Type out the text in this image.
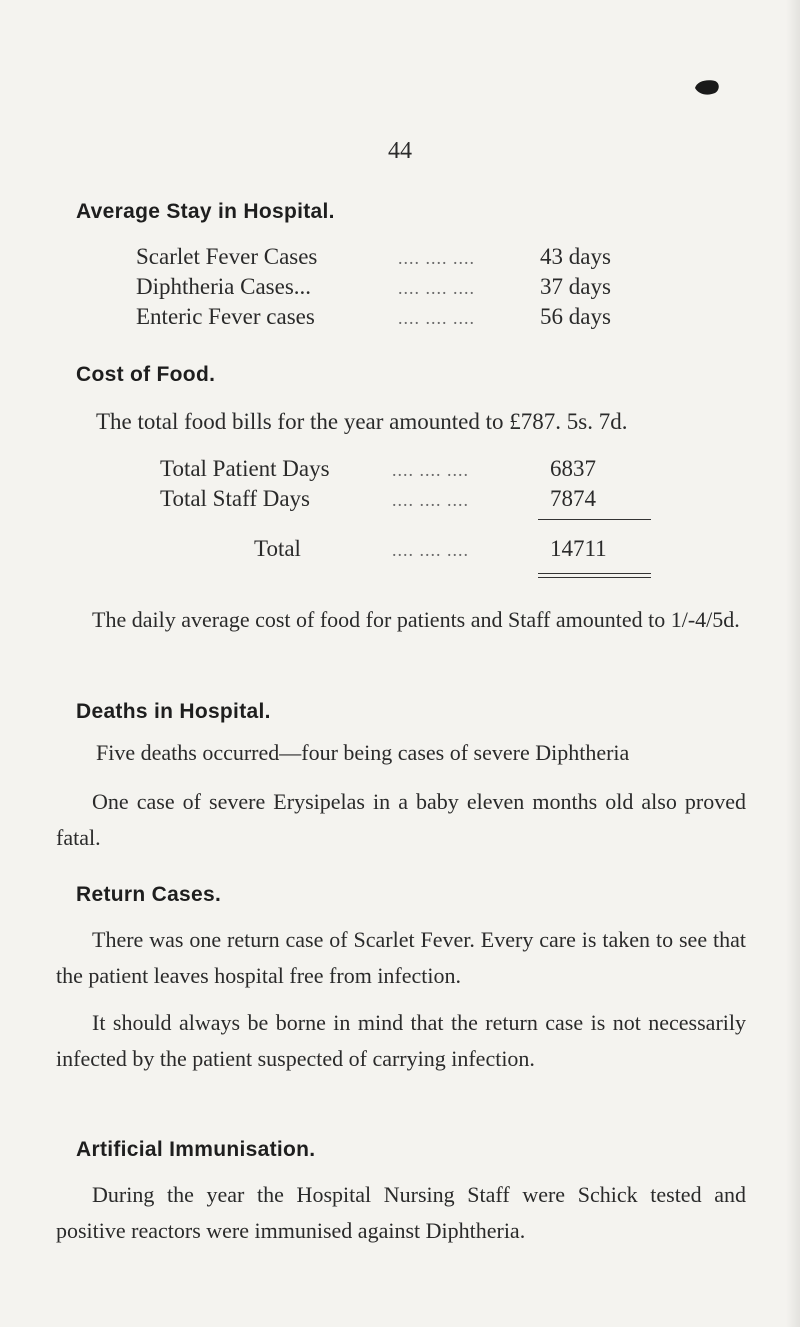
44
Average Stay in Hospital.
Scarlet Fever Cases	.... .... ....	43 days
Diphtheria Cases...	.... .... ....	37 days
Enteric Fever cases	.... .... ....	56 days
Cost of Food.
The total food bills for the year amounted to £787. 5s. 7d.
Total Patient Days	.... .... ....	6837
Total Staff Days	.... .... ....	7874
Total	.... .... ....	14711
The daily average cost of food for patients and Staff amounted to 1/-4/5d.
Deaths in Hospital.
Five deaths occurred—four being cases of severe Diphtheria
One case of severe Erysipelas in a baby eleven months old also proved fatal.
Return Cases.
There was one return case of Scarlet Fever. Every care is taken to see that the patient leaves hospital free from infection.
It should always be borne in mind that the return case is not necessarily infected by the patient suspected of carrying infection.
Artificial Immunisation.
During the year the Hospital Nursing Staff were Schick tested and positive reactors were immunised against Diphtheria.
